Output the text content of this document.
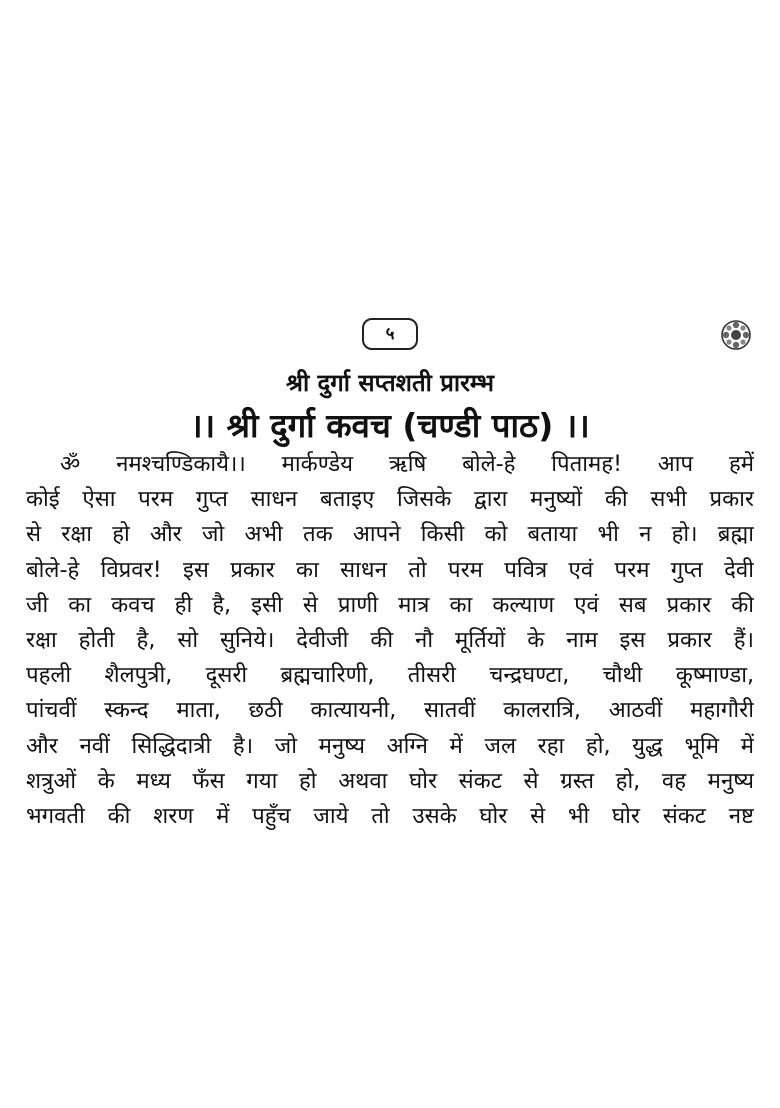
५
श्री दुर्गा सप्तशती प्रारम्भ
।। श्री दुर्गा कवच (चण्डी पाठ) ।।
ॐ नमश्चण्डिकायै।। मार्कण्डेय ऋषि बोले-हे पितामह! आप हमें
कोई ऐसा परम गुप्त साधन बताइए जिसके द्वारा मनुष्यों की सभी प्रकार
से रक्षा हो और जो अभी तक आपने किसी को बताया भी न हो। ब्रह्मा
बोले-हे विप्रवर! इस प्रकार का साधन तो परम पवित्र एवं परम गुप्त देवी
जी का कवच ही है, इसी से प्राणी मात्र का कल्याण एवं सब प्रकार की
रक्षा होती है, सो सुनिये। देवीजी की नौ मूर्तियों के नाम इस प्रकार हैं।
पहली शैलपुत्री, दूसरी ब्रह्मचारिणी, तीसरी चन्द्रघण्टा, चौथी कूष्माण्डा,
पांचवीं स्कन्द माता, छठी कात्यायनी, सातवीं कालरात्रि, आठवीं महागौरी
और नवीं सिद्धिदात्री है। जो मनुष्य अग्नि में जल रहा हो, युद्ध भूमि में
शत्रुओं के मध्य फँस गया हो अथवा घोर संकट से ग्रस्त हो, वह मनुष्य
भगवती की शरण में पहुँच जाये तो उसके घोर से भी घोर संकट नष्ट
